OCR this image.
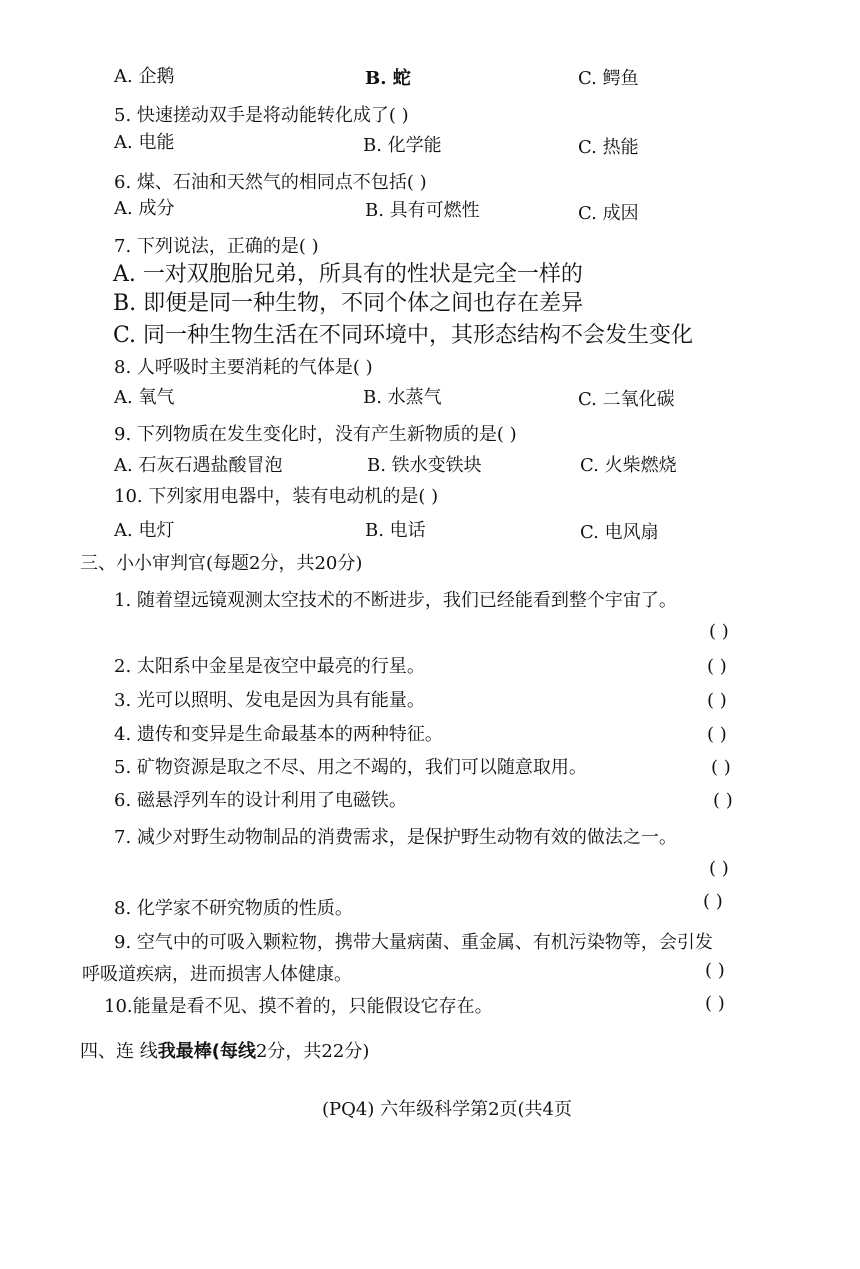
A. 企鹅	B. 蛇	C. 鳄鱼
5. 快速搓动双手是将动能转化成了( )
A. 电能	B. 化学能	C. 热能
6. 煤、石油和天然气的相同点不包括( )
A. 成分	B. 具有可燃性	C. 成因
7. 下列说法，正确的是( )
A. 一对双胞胎兄弟，所具有的性状是完全一样的
B. 即便是同一种生物，不同个体之间也存在差异
C. 同一种生物生活在不同环境中，其形态结构不会发生变化
8. 人呼吸时主要消耗的气体是( )
A. 氧气	B. 水蒸气	C. 二氧化碳
9. 下列物质在发生变化时，没有产生新物质的是( )
A. 石灰石遇盐酸冒泡	B. 铁水变铁块	C. 火柴燃烧
10. 下列家用电器中，装有电动机的是( )
A. 电灯	B. 电话	C. 电风扇
三、小小审判官(每题2分，共20分)
1. 随着望远镜观测太空技术的不断进步，我们已经能看到整个宇宙了。
( )
2. 太阳系中金星是夜空中最亮的行星。	( )
3. 光可以照明、发电是因为具有能量。	( )
4. 遗传和变异是生命最基本的两种特征。	( )
5. 矿物资源是取之不尽、用之不竭的，我们可以随意取用。	( )
6. 磁悬浮列车的设计利用了电磁铁。	( )
7. 减少对野生动物制品的消费需求，是保护野生动物有效的做法之一。
( )
8. 化学家不研究物质的性质。	( )
9. 空气中的可吸入颗粒物，携带大量病菌、重金属、有机污染物等，会引发
呼吸道疾病，进而损害人体健康。	( )
10.能量是看不见、摸不着的，只能假设它存在。	( )
四、连 线我最棒(每线2分，共22分)
(PQ4) 六年级科学第2页(共4页
